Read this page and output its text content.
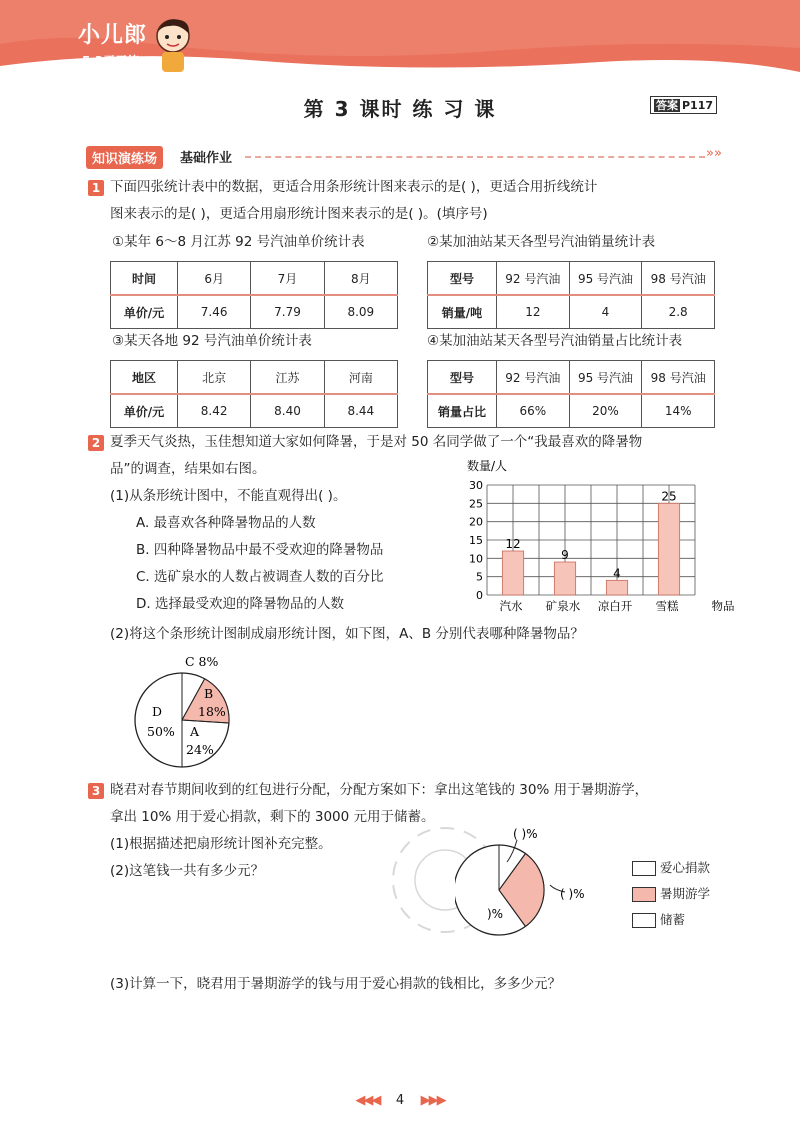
小儿郎
5·3天天练
第 3 课时 练 习 课	答案 P117
知识演练场	基础作业	»»
1 下面四张统计表中的数据，更适合用条形统计图来表示的是( )，更适合用折线统计
图来表示的是( )，更适合用扇形统计图来表示的是( )。(填序号)
①某年 6～8 月江苏 92 号汽油单价统计表	②某加油站某天各型号汽油销量统计表
时间	6月	7月	8月
单价/元	7.46	7.79	8.09
型号	92 号汽油	95 号汽油	98 号汽油
销量/吨	12	4	2.8
③某天各地 92 号汽油单价统计表	④某加油站某天各型号汽油销量占比统计表
地区	北京	江苏	河南
单价/元	8.42	8.40	8.44
型号	92 号汽油	95 号汽油	98 号汽油
销量占比	66%	20%	14%
2 夏季天气炎热，玉佳想知道大家如何降暑，于是对 50 名同学做了一个“我最喜欢的降暑物
品”的调查，结果如右图。
(1)从条形统计图中，不能直观得出( )。
A. 最喜欢各种降暑物品的人数
B. 四种降暑物品中最不受欢迎的降暑物品
C. 选矿泉水的人数占被调查人数的百分比
D. 选择最受欢迎的降暑物品的人数
(2)将这个条形统计图制成扇形统计图，如下图，A、B 分别代表哪种降暑物品？
数量/人
0
5
10
15
20
25
30
12
汽水
9
矿泉水
4
凉白开
25
雪糕	物品
C 8%
B
18%
A
24%
D
50%
3 晓君对春节期间收到的红包进行分配，分配方案如下：拿出这笔钱的 30% 用于暑期游学，
拿出 10% 用于爱心捐款，剩下的 3000 元用于储蓄。
(1)根据描述把扇形统计图补充完整。
(2)这笔钱一共有多少元？
( )%
( )%
)%
爱心捐款
暑期游学
储蓄
(3)计算一下，晓君用于暑期游学的钱与用于爱心捐款的钱相比，多多少元？
◀◀◀ 4 ▶▶▶
